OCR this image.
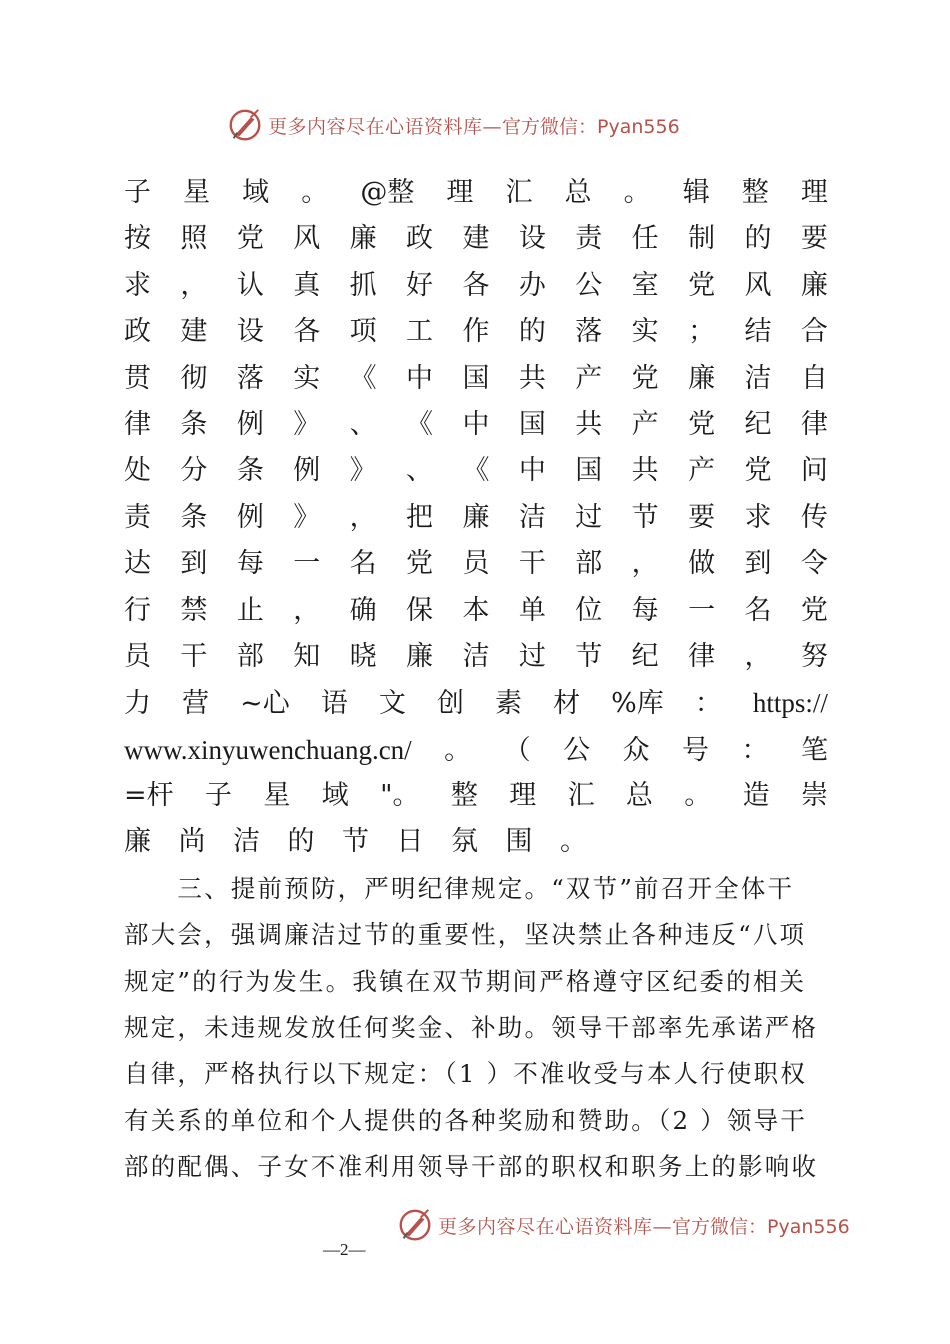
更多内容尽在心语资料库— 官方微信：Pyan556
子 星 域 。 @整 理 汇 总 。 辑 整 理
按 照 党 风 廉 政 建 设 责 任 制 的 要
求 ， 认 真 抓 好 各 办 公 室 党 风 廉
政 建 设 各 项 工 作 的 落 实 ； 结 合
贯 彻 落 实 《 中 国 共 产 党 廉 洁 自
律 条 例 》 、 《 中 国 共 产 党 纪 律
处 分 条 例 》 、 《 中 国 共 产 党 问
责 条 例 》 ， 把 廉 洁 过 节 要 求 传
达 到 每 一 名 党 员 干 部 ， 做 到 令
行 禁 止 ， 确 保 本 单 位 每 一 名 党
员 干 部 知 晓 廉 洁 过 节 纪 律 ， 努
力 营 ~心 语 文 创 素 材 %库 ： https://
www.xinyuwenchuang.cn/ 。 （ 公 众 号 ： 笔
=杆 子 星 域 "。 整 理 汇 总 。 造 崇
廉 尚 洁 的 节 日 氛 围 。
　　三、提前预防，严明纪律规定。“双节”前召开全体干
部大会，强调廉洁过节的重要性，坚决禁止各种违反“八项
规定”的行为发生。我镇在双节期间严格遵守区纪委的相关
规定，未违规发放任何奖金、补助。领导干部率先承诺严格
自律，严格执行以下规定：（1 ）不准收受与本人行使职权
有关系的单位和个人提供的各种奖励和赞助。（2 ）领导干
部的配偶、子女不准利用领导干部的职权和职务上的影响收
更多内容尽在心语资料库— 官方微信：Pyan556
—2—
